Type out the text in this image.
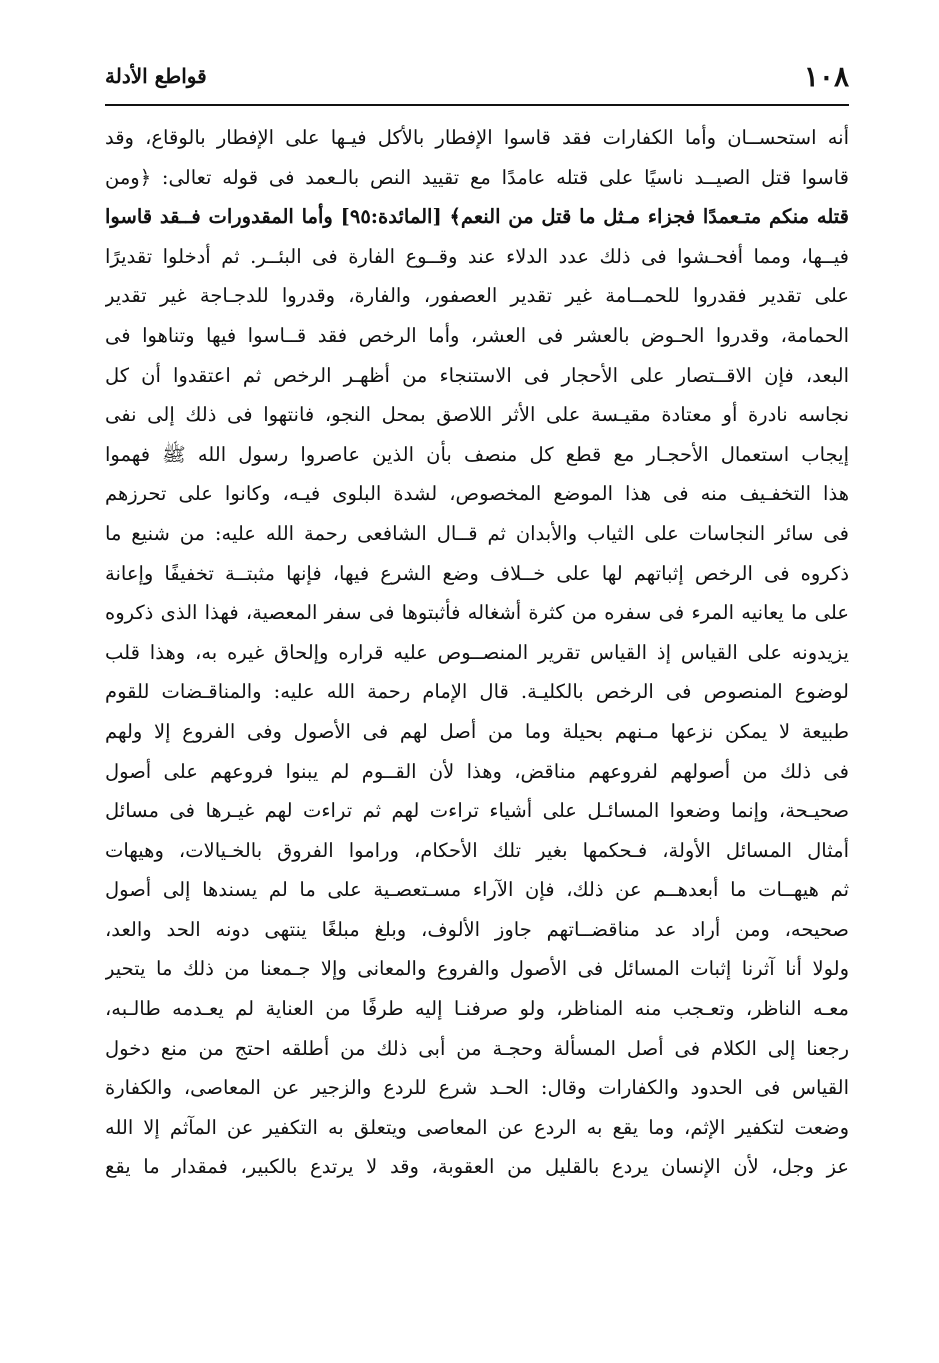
١٠٨
قواطع الأدلة
أنه استحســان وأما الكفارات فقد قاسوا الإفطار بالأكل فيـها على الإفطار بالوقاع، وقد
قاسوا قتل الصيــد ناسيًا على قتله عامدًا مع تقييد النص بالـعمد فى قوله تعالى: ﴿ومن
قتله منكم متـعمدًا فجزاء مـثل ما قتل من النعم﴾ [المائدة:٩٥] وأما المقدورات فــقد قاسوا
فيــها، ومما أفحـشوا فى ذلك عدد الدلاء عند وقــوع الفارة فى البئــر. ثم أدخلوا تقديرًا
على تقدير فقدروا للحمــامة غير تقدير العصفور، والفارة، وقدروا للدجـاجة غير تقدير
الحمامة، وقدروا الحـوض بالعشر فى العشر، وأما الرخص فقد قــاسوا فيها وتناهوا فى
البعد، فإن الاقــتصار على الأحجار فى الاستنجاء من أظهـر الرخص ثم اعتقدوا أن كل
نجاسه نادرة أو معتادة مقيـسة على الأثر اللاصق بمحل النجو، فانتهوا فى ذلك إلى نفى
إيجاب استعمال الأحجـار مع قطع كل منصف بأن الذين عاصروا رسول الله ﷺ فهموا
هذا التخفـيف منه فى هذا الموضع المخصوص، لشدة البلوى فيـه، وكانوا على تحرزهم
فى سائر النجاسات على الثياب والأبدان ثم قــال الشافعى رحمة الله عليه: من شنيع ما
ذكروه فى الرخص إثباتهم لها على خــلاف وضع الشرع فيها، فإنها مثبتــة تخفيفًا وإعانة
على ما يعانيه المرء فى سفره من كثرة أشغاله فأثبتوها فى سفر المعصية، فهذا الذى ذكروه
يزيدونه على القياس إذ القياس تقرير المنصــوص عليه قراره وإلحاق غيره به، وهذا قلب
لوضوع المنصوص فى الرخص بالكليـة. قال الإمام رحمة الله عليه: والمناقـضات للقوم
طبيعة لا يمكن نزعها مـنهم بحيلة وما من أصل لهم فى الأصول وفى الفروع إلا ولهم
فى ذلك من أصولهم لفروعهم مناقض، وهذا لأن القــوم لم يبنوا فروعهم على أصول
صحيـحة، وإنما وضعوا المسائـل على أشياء تراءت لهم ثم تراءت لهم غيـرها فى مسائل
أمثال المسائل الأولة، فـحكمها بغير تلك الأحكام، وراموا الفروق بالخـيالات، وهيهات
ثم هيهــات ما أبعدهــم عن ذلك، فإن الآراء مسـتعصـية على ما لم يسندها إلى أصول
صحيحه، ومن أراد عد مناقضــاتهم جاوز الألوف، وبلغ مبلغًا ينتهى دونه الحد والعد،
ولولا أنا آثرنا إثبات المسائل فى الأصول والفروع والمعانى وإلا جـمعنا من ذلك ما يتحير
معـه الناظر، وتعـجب منه المناظر، ولو صرفنـا إليه طرفًا من العناية لم يعـدمه طالـبه،
رجعنا إلى الكلام فى أصل المسألة وحجـة من أبى ذلك من أطلقه احتج من منع دخول
القياس فى الحدود والكفارات وقال: الحـد شرع للردع والزجير عن المعاصى، والكفارة
وضعت لتكفير الإثم، وما يقع به الردع عن المعاصى ويتعلق به التكفير عن المآثم إلا الله
عز وجل، لأن الإنسان يردع بالقليل من العقوبة، وقد لا يرتدع بالكبير، فمقدار ما يقع
